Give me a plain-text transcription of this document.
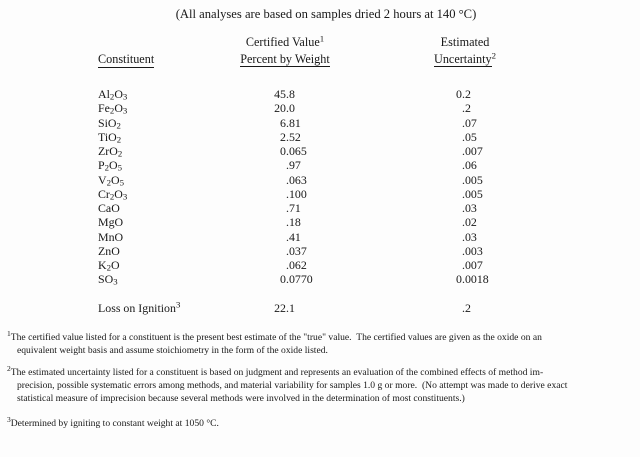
(All analyses are based on samples dried 2 hours at 140 °C)
Constituent
Certified Value$^1$
Percent by Weight
Estimated
Uncertainty$^2$
$Al_2O_3$	45 .8	0 .2
$Fe_2O_3$	20 .0	.2
SiO$_2$	6 .81	.07
TiO$_2$	2 .52	.05
ZrO$_2$	0 .065	.007
$P_2O_5$	.97	.06
$V_2O_5$	.063	.005
$Cr_2O_3$	.100	.005
CaO	.71	.03
MgO	.18	.02
MnO	.41	.03
ZnO	.037	.003
$K_2O$	.062	.007
$SO_3$	0 .0770	0 .0018
Loss on Ignition$^3$	22 .1	.2
$^1$The certified value listed for a constituent is the present best estimate of the "true" value.  The certified values are given as the oxide on an
equivalent weight basis and assume stoichiometry in the form of the oxide listed.
$^2$The estimated uncertainty listed for a constituent is based on judgment and represents an evaluation of the combined effects of method im-
precision, possible systematic errors among methods, and material variability for samples 1.0 g or more.  (No attempt was made to derive exact
statistical measure of imprecision because several methods were involved in the determination of most constituents.)
$^3$Determined by igniting to constant weight at 1050 °C.
